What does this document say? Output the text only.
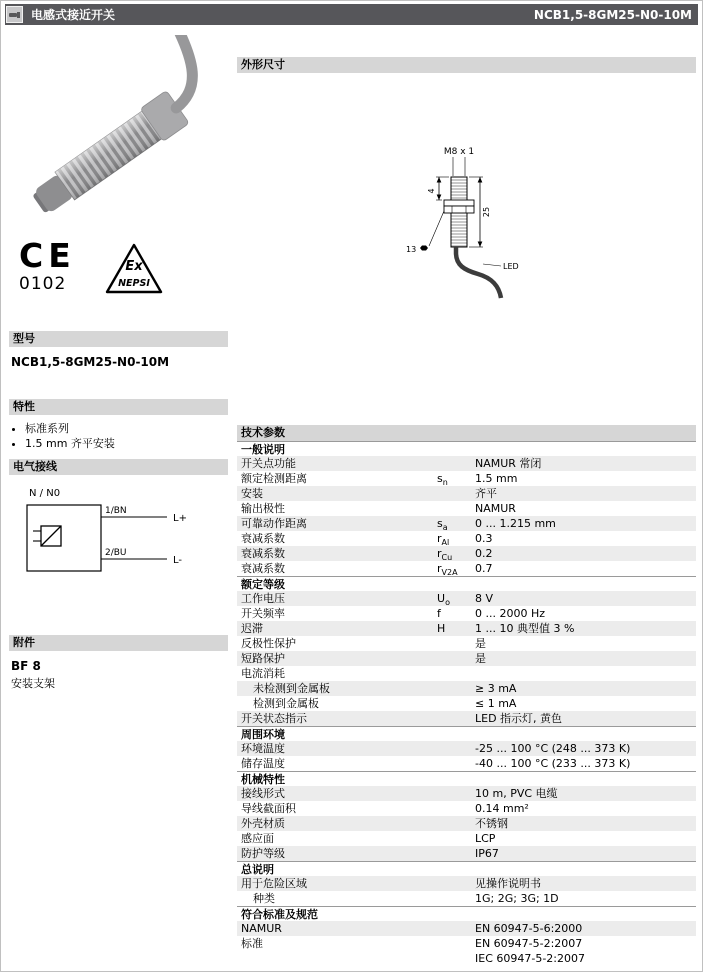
电感式接近开关	NCB1,5-8GM25-N0-10M
CE
0102
Ex
NEPSI
型号
NCB1,5-8GM25-N0-10M
特性
• 标准系列
• 1.5 mm 齐平安装
电气接线
N / N0
1/BN
L+
2/BU
L-
附件
BF 8
安装支架
外形尺寸
M8 x 1
4
25
13
LED
技术参数
一般说明
开关点功能	NAMUR 常闭
额定检测距离	$s_n$	1.5 mm
安装	齐平
输出极性	NAMUR
可靠动作距离	$s_a$	0 ... 1.215 mm
衰减系数	$r_{Al}$	0.3
衰减系数	$r_{Cu}$	0.2
衰减系数	$r_{V2A}$	0.7
额定等级
工作电压	$U_o$	8 V
开关频率	f	0 ... 2000 Hz
迟滞	H	1 ... 10 典型值 3 %
反极性保护	是
短路保护	是
电流消耗
未检测到金属板	≥ 3 mA
检测到金属板	≤ 1 mA
开关状态指示	LED 指示灯, 黄色
周围环境
环境温度	-25 ... 100 °C (248 ... 373 K)
储存温度	-40 ... 100 °C (233 ... 373 K)
机械特性
接线形式	10 m, PVC 电缆
导线截面积	0.14 mm²
外壳材质	不锈钢
感应面	LCP
防护等级	IP67
总说明
用于危险区域	见操作说明书
种类	1G; 2G; 3G; 1D
符合标准及规范
NAMUR	EN 60947-5-6:2000
标准	EN 60947-5-2:2007
IEC 60947-5-2:2007
